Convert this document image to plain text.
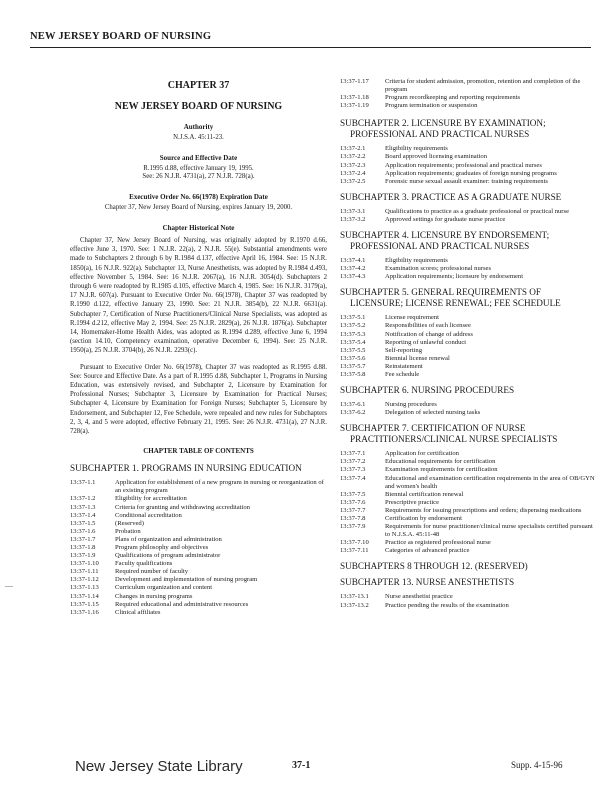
NEW JERSEY BOARD OF NURSING
CHAPTER 37
NEW JERSEY BOARD OF NURSING
Authority
N.J.S.A. 45:11-23.
Source and Effective Date
R.1995 d.88, effective January 19, 1995.
See: 26 N.J.R. 4731(a), 27 N.J.R. 728(a).
Executive Order No. 66(1978) Expiration Date
Chapter 37, New Jersey Board of Nursing, expires January 19, 2000.
Chapter Historical Note

Chapter 37, New Jersey Board of Nursing, was originally adopted by R.1970 d.66, effective June 3, 1970. See: 1 N.J.R. 22(a), 2 N.J.R. 55(e). Substantial amendments were made to Subchapters 2 through 6 by R.1984 d.137, effective April 16, 1984. See: 15 N.J.R. 1850(a), 16 N.J.R. 922(a). Subchapter 13, Nurse Anesthetists, was adopted by R.1984 d.493, effective November 5, 1984. See: 16 N.J.R. 2067(a), 16 N.J.R. 3054(d). Subchapters 2 through 6 were readopted by R.1985 d.105, effective March 4, 1985. See: 16 N.J.R. 3179(a), 17 N.J.R. 607(a). Pursuant to Executive Order No. 66(1978), Chapter 37 was readopted by R.1990 d.122, effective January 23, 1990. See: 21 N.J.R. 3854(b), 22 N.J.R. 6631(a). Subchapter 7, Certification of Nurse Practitioners/Clinical Nurse Specialists, was adopted as R.1994 d.212, effective May 2, 1994. See: 25 N.J.R. 2829(a), 26 N.J.R. 1876(a). Subchapter 14, Homemaker-Home Health Aides, was adopted as R.1994 d.289, effective June 6, 1994 (section 14.10, Competency examination, operative December 6, 1994). See: 25 N.J.R. 1950(a), 25 N.J.R. 3704(b), 26 N.J.R. 2293(c).

Pursuant to Executive Order No. 66(1978), Chapter 37 was readopted as R.1995 d.88. See: Source and Effective Date. As a part of R.1995 d.88, Subchapter 1, Programs in Nursing Education, was extensively revised, and Subchapter 2, Licensure by Examination for Professional Nurses; Subchapter 3, Licensure by Examination for Practical Nurses; Subchapter 4, Licensure by Examination for Foreign Nurses; Subchapter 5, Licensure by Endorsement, and Subchapter 12, Fee Schedule, were repealed and new rules for Subchapters 2, 3, 4, and 5 were adopted, effective February 21, 1995. See: 26 N.J.R. 4731(a), 27 N.J.R. 728(a).

CHAPTER TABLE OF CONTENTS
SUBCHAPTER 1. PROGRAMS IN NURSING EDUCATION
13:37-1.1	Application for establishment of a new program in nursing or reorganization of an existing program
13:37-1.2	Eligibility for accreditation
13:37-1.3	Criteria for granting and withdrawing accreditation
13:37-1.4	Conditional accreditation
13:37-1.5	(Reserved)
13:37-1.6	Probation
13:37-1.7	Plans of organization and administration
13:37-1.8	Program philosophy and objectives
13:37-1.9	Qualifications of program administrator
13:37-1.10	Faculty qualifications
13:37-1.11	Required number of faculty
13:37-1.12	Development and implementation of nursing program
13:37-1.13	Curriculum organization and content
13:37-1.14	Changes in nursing programs
13:37-1.15	Required educational and administrative resources
13:37-1.16	Clinical affiliates
13:37-1.17	Criteria for student admission, promotion, retention and completion of the program
13:37-1.18	Program recordkeeping and reporting requirements
13:37-1.19	Program termination or suspension
SUBCHAPTER 2. LICENSURE BY EXAMINATION; PROFESSIONAL AND PRACTICAL NURSES
13:37-2.1	Eligibility requirements
13:37-2.2	Board approved licensing examination
13:37-2.3	Application requirements; professional and practical nurses
13:37-2.4	Application requirements; graduates of foreign nursing programs
13:37-2.5	Forensic nurse sexual assault examiner: training requirements
SUBCHAPTER 3. PRACTICE AS A GRADUATE NURSE
13:37-3.1	Qualifications to practice as a graduate professional or practical nurse
13:37-3.2	Approved settings for graduate nurse practice
SUBCHAPTER 4. LICENSURE BY ENDORSEMENT; PROFESSIONAL AND PRACTICAL NURSES
13:37-4.1	Eligibility requirements
13:37-4.2	Examination scores; professional nurses
13:37-4.3	Application requirements; licensure by endorsement
SUBCHAPTER 5. GENERAL REQUIREMENTS OF LICENSURE; LICENSE RENEWAL; FEE SCHEDULE
13:37-5.1	License requirement
13:37-5.2	Responsibilities of each licensee
13:37-5.3	Notification of change of address
13:37-5.4	Reporting of unlawful conduct
13:37-5.5	Self-reporting
13:37-5.6	Biennial license renewal
13:37-5.7	Reinstatement
13:37-5.8	Fee schedule
SUBCHAPTER 6. NURSING PROCEDURES
13:37-6.1	Nursing procedures
13:37-6.2	Delegation of selected nursing tasks
SUBCHAPTER 7. CERTIFICATION OF NURSE PRACTITIONERS/CLINICAL NURSE SPECIALISTS
13:37-7.1	Application for certification
13:37-7.2	Educational requirements for certification
13:37-7.3	Examination requirements for certification
13:37-7.4	Educational and examination certification requirements in the area of OB/GYN and women's health
13:37-7.5	Biennial certification renewal
13:37-7.6	Prescriptive practice
13:37-7.7	Requirements for issuing prescriptions and orders; dispensing medications
13:37-7.8	Certification by endorsement
13:37-7.9	Requirements for nurse practitioner/clinical nurse specialists certified pursuant to N.J.S.A. 45:11-48
13:37-7.10	Practice as registered professional nurse
13:37-7.11	Categories of advanced practice
SUBCHAPTERS 8 THROUGH 12. (RESERVED)
SUBCHAPTER 13. NURSE ANESTHETISTS
13:37-13.1	Nurse anesthetist practice
13:37-13.2	Practice pending the results of the examination
—
New Jersey State Library	37-1	Supp. 4-15-96
